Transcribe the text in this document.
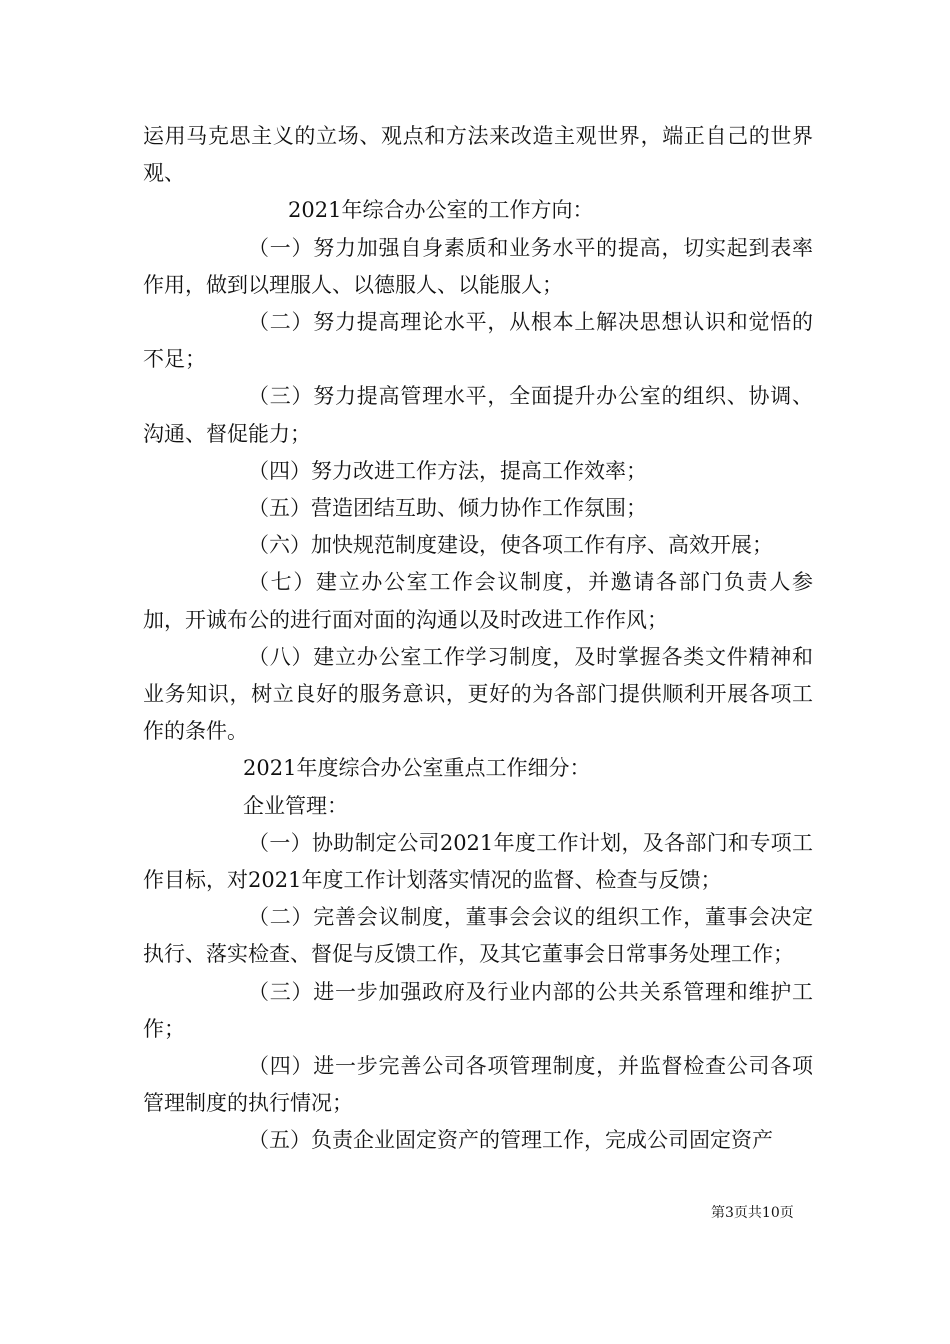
运用马克思主义的立场、观点和方法来改造主观世界，端正自己的世界观、

2021年综合办公室的工作方向：

（一）努力加强自身素质和业务水平的提高，切实起到表率作用，做到以理服人、以德服人、以能服人；

（二）努力提高理论水平，从根本上解决思想认识和觉悟的不足；

（三）努力提高管理水平，全面提升办公室的组织、协调、沟通、督促能力；

（四）努力改进工作方法，提高工作效率；

（五）营造团结互助、倾力协作工作氛围；

（六）加快规范制度建设，使各项工作有序、高效开展；

（七）建立办公室工作会议制度，并邀请各部门负责人参加，开诚布公的进行面对面的沟通以及时改进工作作风；

（八）建立办公室工作学习制度，及时掌握各类文件精神和业务知识，树立良好的服务意识，更好的为各部门提供顺利开展各项工作的条件。

2021年度综合办公室重点工作细分：

企业管理：

（一）协助制定公司2021年度工作计划，及各部门和专项工作目标，对2021年度工作计划落实情况的监督、检查与反馈；

（二）完善会议制度，董事会会议的组织工作，董事会决定执行、落实检查、督促与反馈工作，及其它董事会日常事务处理工作；

（三）进一步加强政府及行业内部的公共关系管理和维护工作；

（四）进一步完善公司各项管理制度，并监督检查公司各项管理制度的执行情况；

（五）负责企业固定资产的管理工作，完成公司固定资产

第3页共10页
